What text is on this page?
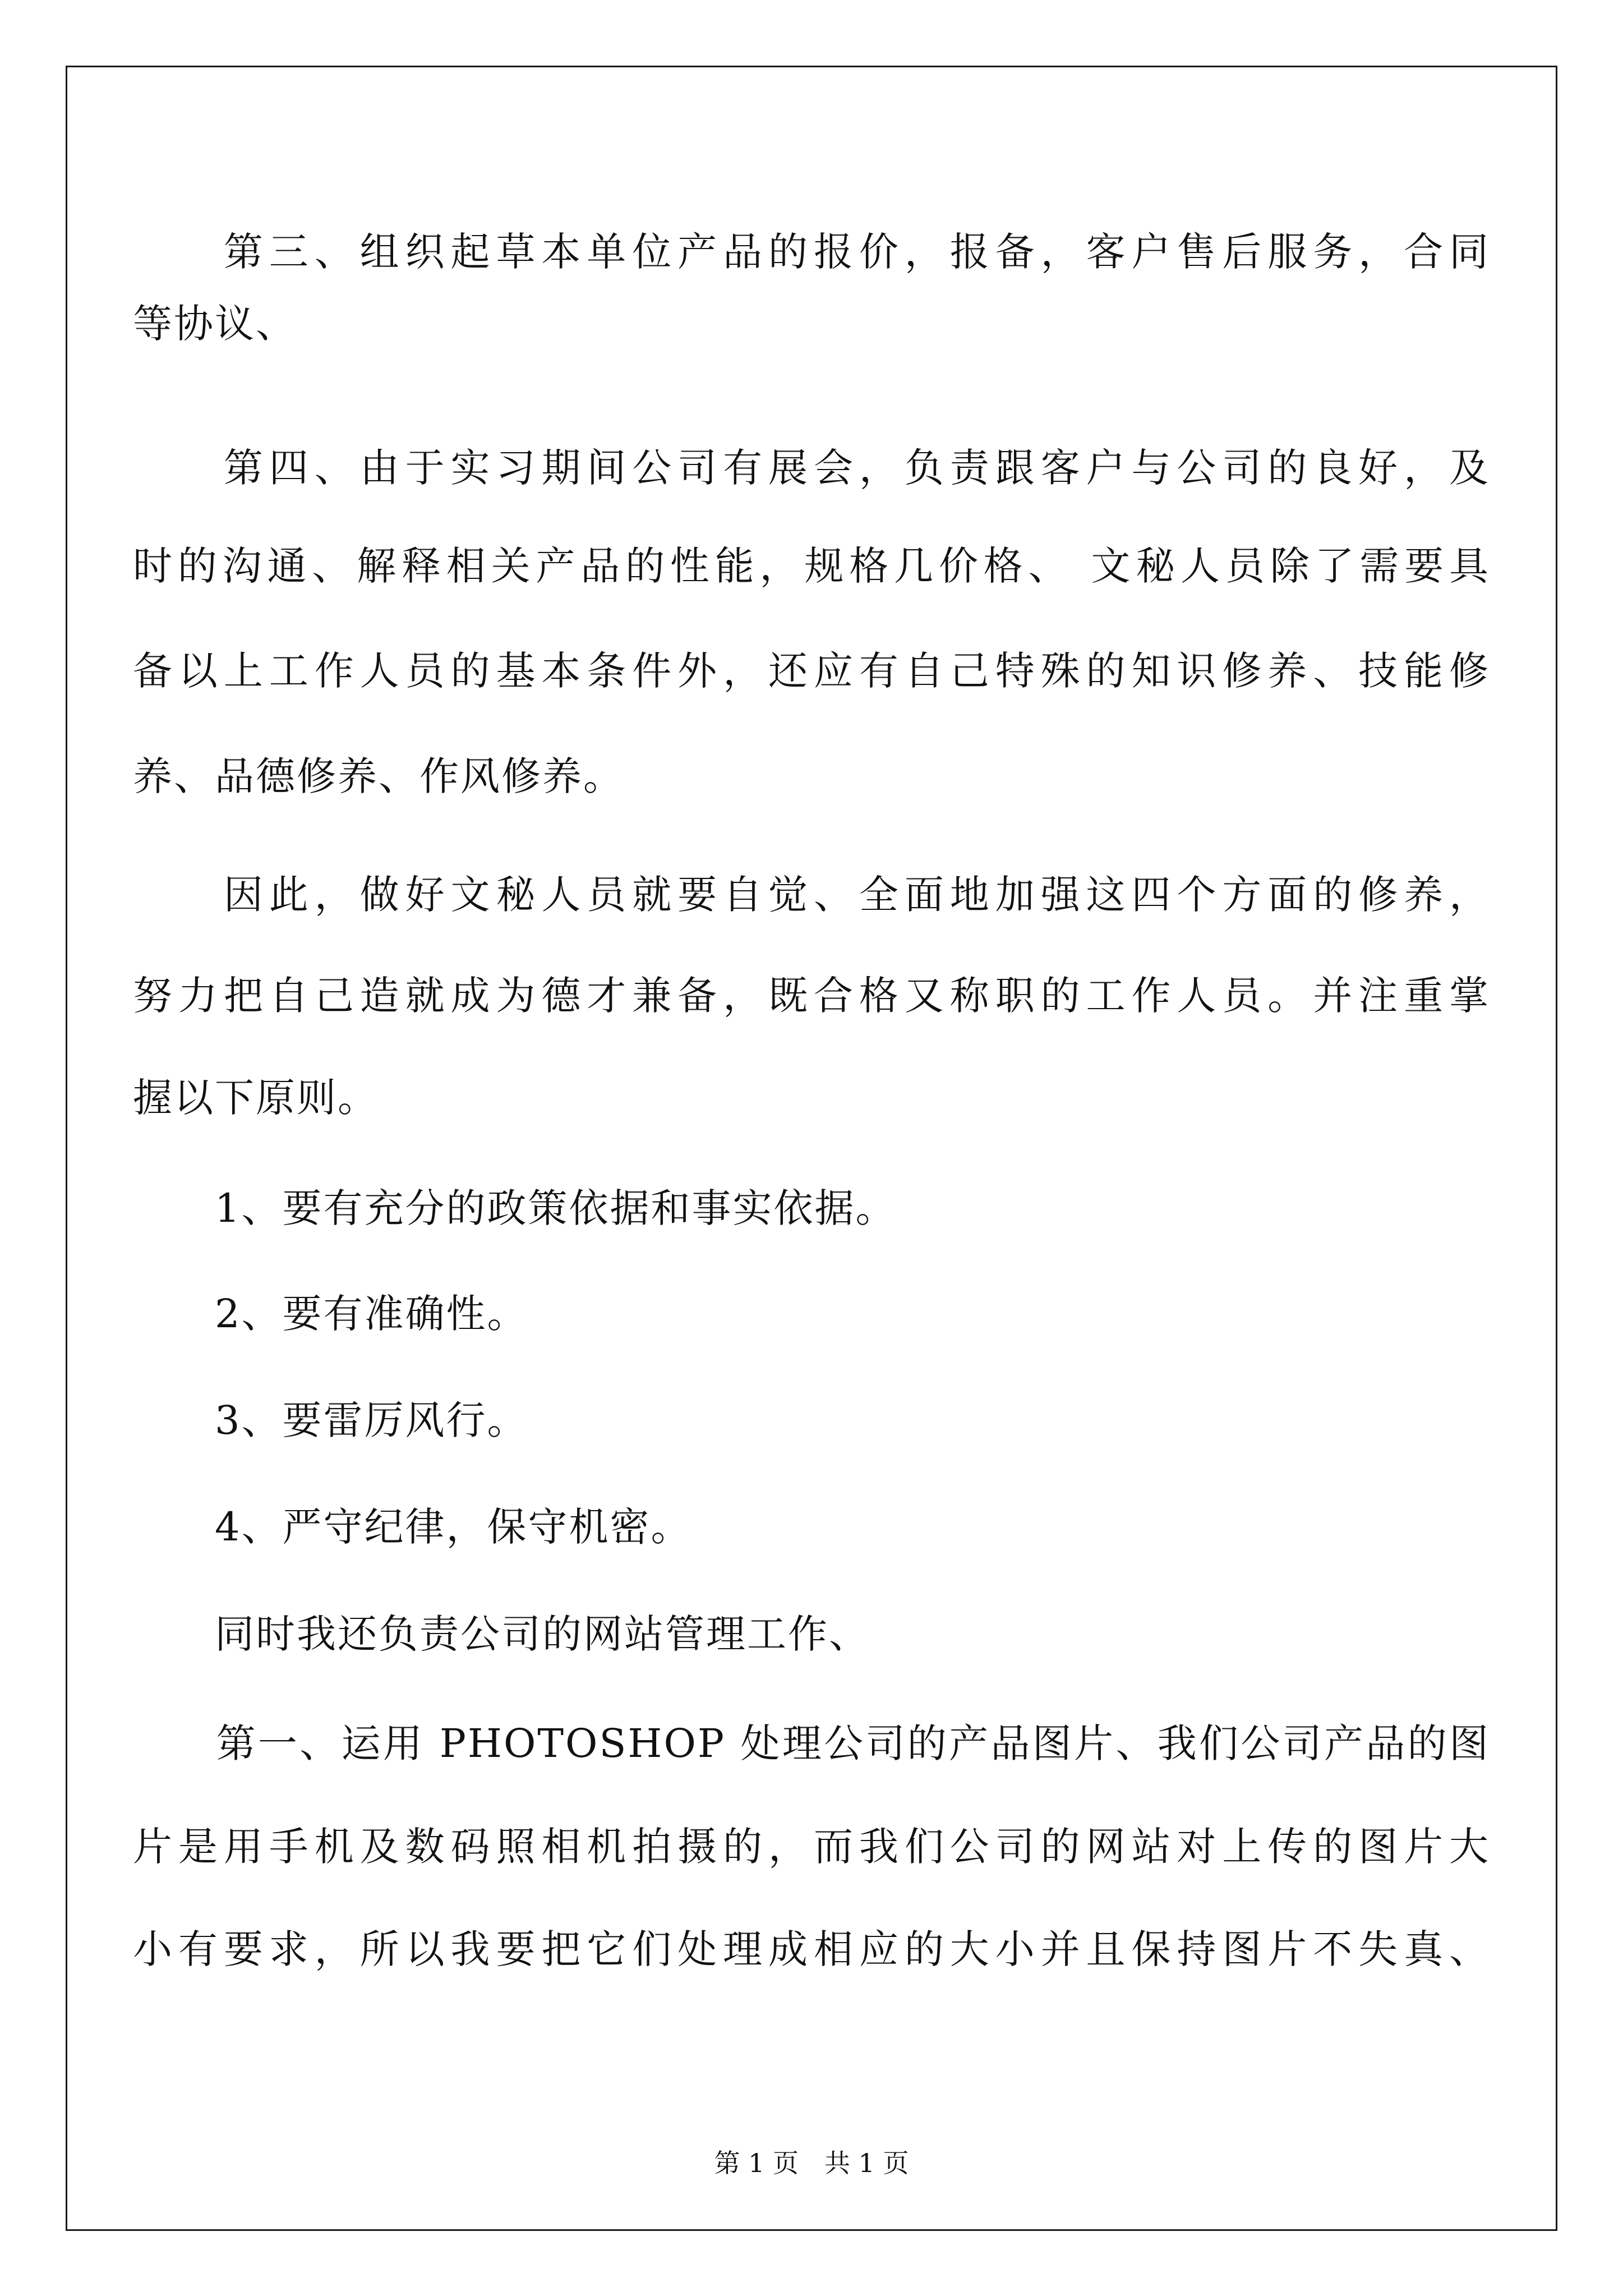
　　第三、组织起草本单位产品的报价，报备，客户售后服务，合同
等协议、
　　第四、由于实习期间公司有展会，负责跟客户与公司的良好，及
时的沟通、解释相关产品的性能，规格几价格、 文秘人员除了需要具
备以上工作人员的基本条件外，还应有自己特殊的知识修养、技能修
养、品德修养、作风修养。
　　因此，做好文秘人员就要自觉、全面地加强这四个方面的修养，
努力把自己造就成为德才兼备，既合格又称职的工作人员。并注重掌
握以下原则。
　　1、要有充分的政策依据和事实依据。
　　2、要有准确性。
　　3、要雷厉风行。
　　4、严守纪律，保守机密。
　　同时我还负责公司的网站管理工作、
　　第一、运用 PHOTOSHOP 处理公司的产品图片、我们公司产品的图
片是用手机及数码照相机拍摄的，而我们公司的网站对上传的图片大
小有要求，所以我要把它们处理成相应的大小并且保持图片不失真、
第 1 页　共 1 页
